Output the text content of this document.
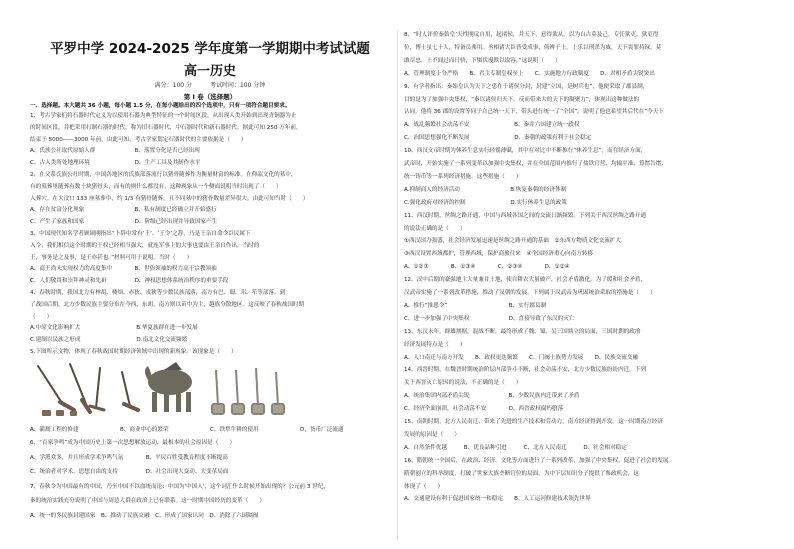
平罗中学 2024-2025 学年度第一学期期中考试试题
高一历史
满分：100 分　　　考试时间：100 分钟
第 I 卷（选择题）
一、选择题。本大题共 36 小题，每小题 1.5 分，在每小题给出的四个选项中，只有一项符合题目要求。
1、考古学家们将石器时代定义为以使用石器为典型特征的一个时间区段，从出现人类开始到出现青铜器为止
的时间区段，并把采用打制石器的时代，称为旧石器时代，中石器时代和新石器时代。据此可知 250 万年前，
结束于 5000——3000 年前。由此可知，考古学家划定石器时代的主要依据是（　　）
A、氏族公社取代原始人群　　　　　　　B、落置分化是否已经出现
C、古人类所处地理环境　　　　　　　　D、生产工具及其制作水平
2、在父系氏族公社时期，中国各地区的氏族部落流行以猪骨随葬作为衡量财富的标准。在仰韶文化的墓中，
有的墓葬里随葬有数十块猪骨头，而有的则什么都没有，这种现象从一个侧面说明当时出现了（　　）
入葬穴。在大汶口 133 座墓葬中，约 1/3 有猪骨随葬，且不同墓中的猪骨数量差异很大。由此可知当时（　　）
A、存在贫富分化现象　　　　　　　　　B、私有制度已经确立并开始盛行
C、产生了家族和国家　　　　　　　　　D、阶级已经出现并导致国家产生
3、中国现代知名学者顾颉刚指出“卜辞中常有‘王’、‘王令’之辞，乃是王亲自命令臣民属下
入令，我们相信这个时期的王权已经相当强大，就连军事上的大事也要由王亲自作出，当时的
王，事务是之及事，是王亦甚也。”材料可用于说明，当时（　　）
A、商王尚未实现权力的高度集中　　　　B、世俗领袖的权力高于宗教领袖
C、人们敬畏和崇拜神灵和先祖　　　　　D、神权思想体系统治秩序的重要手段
4、春秋时期，我国北方有林胡、楼烦、赤狄、戎狄等少数民族部落，南方有巴、蜀、邛、笮等部落。到
了战国后期，北方少数民族主要分布在今西、东胡，南方则以苗中为主，越族分散地区。这反映了春秋战国时期
（　　）
A.中原文化影响扩大　　　　　　　　　　B.华夏族群在进一步发展
C.建制以民族之形成　　　　　　　　　　D.南北文化交流频繁
5.下图所示文物，体现了春秋战国时期经济领域中出现的新现象。该现象是（　　）
A、灌溉工程的修建	B、商业中心的繁荣	C、铁犁牛耕的使用	D、货币广泛流通
6、“百家争鸣”成为中国历史上第一次思想解放运动，最根本的社会原因是（　　）
A、学派众多，并且形成学术争鸣气氛　　　　B、平民百姓受教育程度不断提高
C、统治者对学术、思想自由的支持　　　　　D、社会出现大变动、大变革局面
7、春秋令为中国最有的中国，乃至中国不以血统而论；中国为'中国人'，这个词汇什么时候开始出现的？公元前 3 世纪，
秦的统治实践充分说明了中国与周边人群在政治上已有联系。这一时期中国经历的变革（　　）
A、统一的多民族封建国家　B、推动了民族交融　C、形成了国家认同　D、消除了六国隔阂
8、“时人评价秦始皇‘天性刚戾自用，起诸侯，并天下，意得欲从，以为自古莫及己。专任狱吏，狱吏得
位，博士虽七十人，特备员弗用。丞相诸大臣皆受成事，倚辨于上。上乐以刑杀为威，天下畏罪持禄，莫
敢尽忠。上不闻过而日骄，下慑伏谩欺以取容。”这说明（　　）
A、管理制度十分严格　　B、君主专制皇权至上　　C、实施地方行政制度　　D、君相矛盾尖锐突出
9、有学者指出：秦始皇认为天下之患在于诸侯分封，封建“立国，是树兵也”，他便采取了郡县制，
目的是为了加强中央集权，“秦以诸侯归天下，反而带来大的天下的凝聚力”，体现出这种做法的
认同。他将 36 郡的设置等同于自己统一天下，带头进行统一了“全国”，说明了他也希望其后代在“今天下
A、战乱频繁社会动荡不安　　　　　　　　B、秦并六国建立统一政权
C、治国思想强化不断发展　　　　　　　　D、秦朝的政策有利于社会稳定
10、西汉文帝时期为休养生息实行轻徭薄赋，其中在对比中不断推行“休养生息”，而在经济方面，
武帝时，开始实施了一系列变革以加强中央集权，并在全国范围内推行了盐铁官营、均输平准、算缗告缗、
统一铸币等一系列经济措施，这些措施（　　）
A.抑制商人的经济活动　　　　　　　　　B.恢复秦朝的经济体制
C.强化政府对经济的控制　　　　　　　　D.实行休养生息的政策
11、西汉时期，丝绸之路开通，中国与西域各国之间的交流日渐频繁。下列关于西汉丝绸之路开通
的说法正确的是（　　）
①西汉国力强盛，社会经济发展迅速是丝绸之路开通的基础　②东西方物质文化交流扩大
③西汉设置西域都护，管理西域，保护商旅往来　④全国经济重心向南方转移
A、①②③　　　　B、①③④　　　　C、②③④　　　　D、①②④
12、汉中后期的豪强地主大量兼并土地，使自耕农大量破产，社会矛盾激化。为了缓和社会矛盾，
汉武帝实施了一系列改革措施，推动了汉朝的发展。下列属于汉武帝为巩固统治采取的措施是（　　）
A、推行“推恩令”　　　　　　　　　　　B、实行郡县制
C、进一步加强了中央集权　　　　　　　D、直接导致了东汉的灭亡
13、东汉末年，群雄割据，混战不断，最终形成了魏、蜀、吴三国鼎立的局面，三国时期的政治
经济发展特点是（　　）
A、人口南迁与南方开发　　B、政权更迭频繁　　C、门阀士族势力发展　　D、民族交流交融
14、西晋时期，在魏晋时期统治阶层内部争斗不断，社会动荡不安，北方少数民族纷纷内迁。下列
关于西晋灭亡原因的说法，不正确的是（　　）
A、统治集团内部矛盾尖锐　　　　　　　B、少数民族内迁带来了矛盾
C、经济全面崩溃，社会动荡不安　　　　D、西晋政权腐朽堕落
15、南朝时期，北方人民南迁，带来了先进的生产技术和劳动力，南方经济得到开发。这一时期南方经济
发展的原因是（　　）
A、自然条件优越　　　B、优良品种引进　　　C、北方人民南迁　　　D、社会相对稳定
16、隋朝统一全国后，在政治、经济、文化等方面进行了一系列改革，加强了中央集权，促进了社会的发展。
隋朝创立的科举制度，打破了世家大族垄断官位的局面，为中下层知识分子提供了参政机会，这
体现了（　　）
A、交通建设有利于促进国家统一和稳定　　B、人工运河修建技术领先世界
